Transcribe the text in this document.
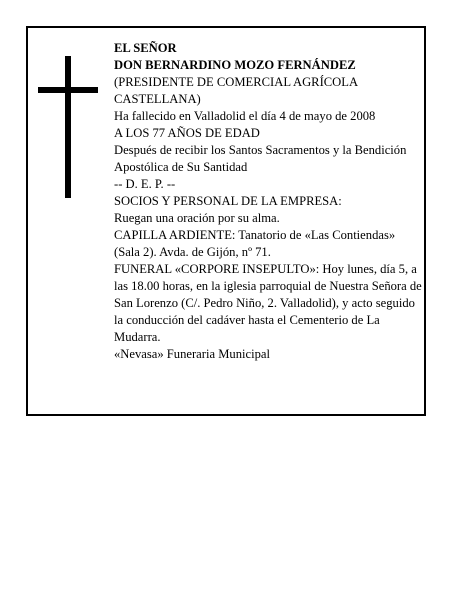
EL SEÑOR
DON BERNARDINO MOZO FERNÁNDEZ
(PRESIDENTE DE COMERCIAL AGRÍCOLA CASTELLANA)
Ha fallecido en Valladolid el día 4 de mayo de 2008
A LOS 77 AÑOS DE EDAD
Después de recibir los Santos Sacramentos y la Bendición Apostólica de Su Santidad
-- D. E. P. --
SOCIOS Y PERSONAL DE LA EMPRESA:
Ruegan una oración por su alma.
CAPILLA ARDIENTE: Tanatorio de «Las Contiendas» (Sala 2). Avda. de Gijón, nº 71.
FUNERAL «CORPORE INSEPULTO»: Hoy lunes, día 5, a las 18.00 horas, en la iglesia parroquial de Nuestra Señora de San Lorenzo (C/. Pedro Niño, 2. Valladolid), y acto seguido la conducción del cadáver hasta el Cementerio de La Mudarra.
«Nevasa» Funeraria Municipal
